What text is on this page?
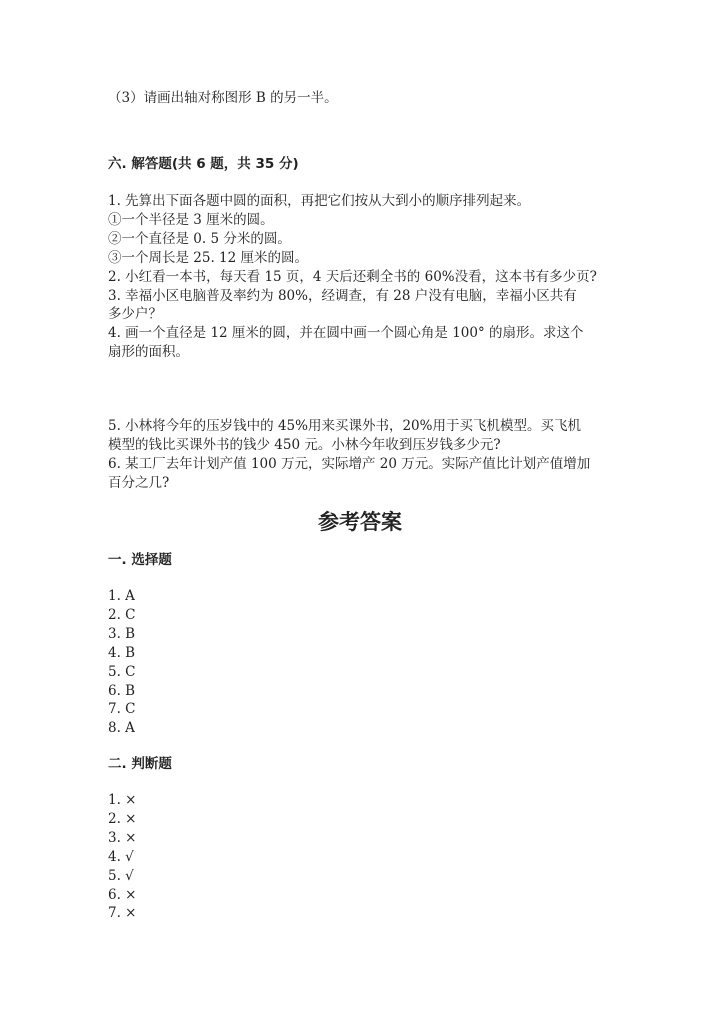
（3）请画出轴对称图形 B 的另一半。
六. 解答题(共 6 题，共 35 分)
1. 先算出下面各题中圆的面积，再把它们按从大到小的顺序排列起来。
①一个半径是 3 厘米的圆。
②一个直径是 0. 5 分米的圆。
③一个周长是 25. 12 厘米的圆。
2. 小红看一本书，每天看 15 页，4 天后还剩全书的 60%没看，这本书有多少页?
3. 幸福小区电脑普及率约为 80%，经调查，有 28 户没有电脑，幸福小区共有
多少户？
4. 画一个直径是 12 厘米的圆，并在圆中画一个圆心角是 100° 的扇形。求这个
扇形的面积。
5. 小林将今年的压岁钱中的 45%用来买课外书，20%用于买飞机模型。买飞机
模型的钱比买课外书的钱少 450 元。小林今年收到压岁钱多少元?
6. 某工厂去年计划产值 100 万元，实际增产 20 万元。实际产值比计划产值增加
百分之几?
参考答案
一. 选择题
1. A
2. C
3. B
4. B
5. C
6. B
7. C
8. A
二. 判断题
1. ×
2. ×
3. ×
4. √
5. √
6. ×
7. ×
